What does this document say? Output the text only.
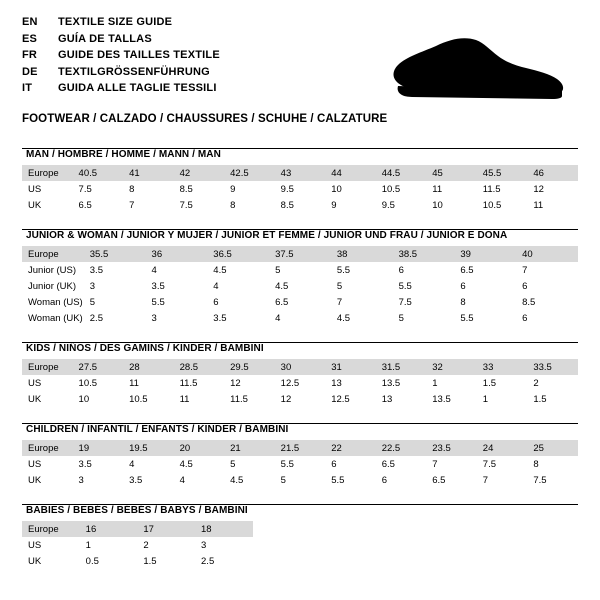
EN	TEXTILE SIZE GUIDE
ES	GUÍA DE TALLAS
FR	GUIDE DES TAILLES TEXTILE
DE	TEXTILGRÖSSENFÜHRUNG
IT	GUIDA ALLE TAGLIE TESSILI
FOOTWEAR / CALZADO / CHAUSSURES / SCHUHE / CALZATURE
MAN / HOMBRE / HOMME / MANN / MAN
Europe	40.5	41	42	42.5	43	44	44.5	45	45.5	46
US	7.5	8	8.5	9	9.5	10	10.5	11	11.5	12
UK	6.5	7	7.5	8	8.5	9	9.5	10	10.5	11
JUNIOR & WOMAN / JUNIOR Y MUJER / JUNIOR ET FEMME / JUNIOR UND FRAU / JUNIOR E DONA
Europe	35.5	36	36.5	37.5	38	38.5	39	40
Junior (US)	3.5	4	4.5	5	5.5	6	6.5	7
Junior (UK)	3	3.5	4	4.5	5	5.5	6	6
Woman (US)	5	5.5	6	6.5	7	7.5	8	8.5
Woman (UK)	2.5	3	3.5	4	4.5	5	5.5	6
KIDS / NIÑOS / DES GAMINS / KINDER / BAMBINI
Europe	27.5	28	28.5	29.5	30	31	31.5	32	33	33.5
US	10.5	11	11.5	12	12.5	13	13.5	1	1.5	2
UK	10	10.5	11	11.5	12	12.5	13	13.5	1	1.5
CHILDREN / INFANTIL / ENFANTS / KINDER / BAMBINI
Europe	19	19.5	20	21	21.5	22	22.5	23.5	24	25
US	3.5	4	4.5	5	5.5	6	6.5	7	7.5	8
UK	3	3.5	4	4.5	5	5.5	6	6.5	7	7.5
BABIES / BEBÉS / BÉBÉS / BABYS / BAMBINI
Europe	16	17	18
US	1	2	3
UK	0.5	1.5	2.5
